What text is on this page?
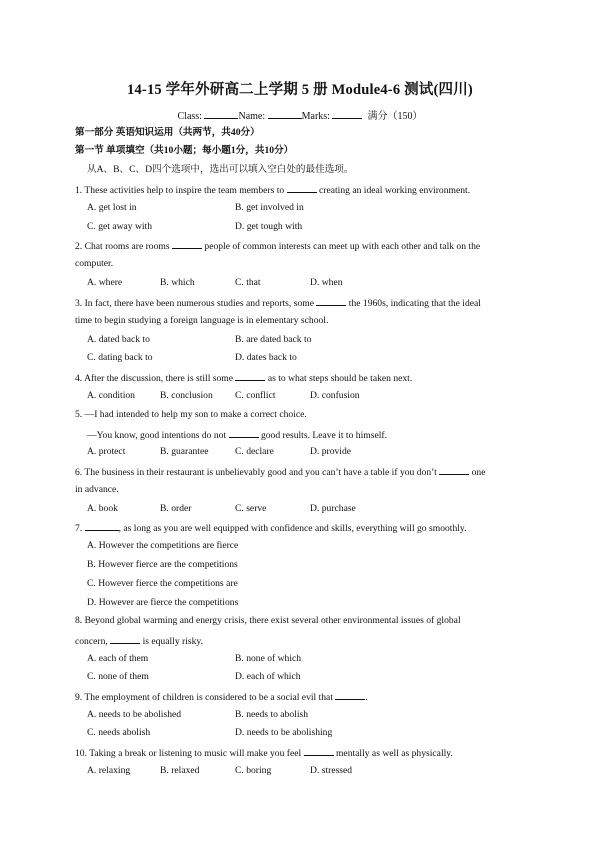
14-15 学年外研高二上学期 5 册 Module4-6 测试(四川)
Class:	Name:	Marks:	满分（150）
第一部分 英语知识运用（共两节，共40分）
第一节 单项填空（共10小题；每小题1分，共10分）
从A、B、C、D四个选项中，选出可以填入空白处的最佳选项。
1. These activities help to inspire the team members to	creating an ideal working environment.
A. get lost in	B. get involved in
C. get away with	D. get tough with
2. Chat rooms are rooms	people of common interests can meet up with each other and talk on the
computer.
A. where	B. which	C. that	D. when
3. In fact, there have been numerous studies and reports, some	the 1960s, indicating that the ideal
time to begin studying a foreign language is in elementary school.
A. dated back to	B. are dated back to
C. dating back to	D. dates back to
4. After the discussion, there is still some	as to what steps should be taken next.
A. condition	B. conclusion C. conflict	D. confusion
5. —I had intended to help my son to make a correct choice.
—You know, good intentions do not	good results. Leave it to himself.
A. protect	B. guarantee	C. declare	D. provide
6. The business in their restaurant is unbelievably good and you can’t have a table if you don’t	one
in advance.
A. book	B. order	C. serve	D. purchase
7.	, as long as you are well equipped with confidence and skills, everything will go smoothly.
A. However the competitions are fierce
B. However fierce are the competitions
C. However fierce the competitions are
D. However are fierce the competitions
8. Beyond global warming and energy crisis, there exist several other environmental issues of global
concern,	is equally risky.
A. each of them	B. none of which
C. none of them	D. each of which
9. The employment of children is considered to be a social evil that	.
A. needs to be abolished	B. needs to abolish
C. needs abolish	D. needs to be abolishing
10. Taking a break or listening to music will make you feel	mentally as well as physically.
A. relaxing	B. relaxed	C. boring	D. stressed
